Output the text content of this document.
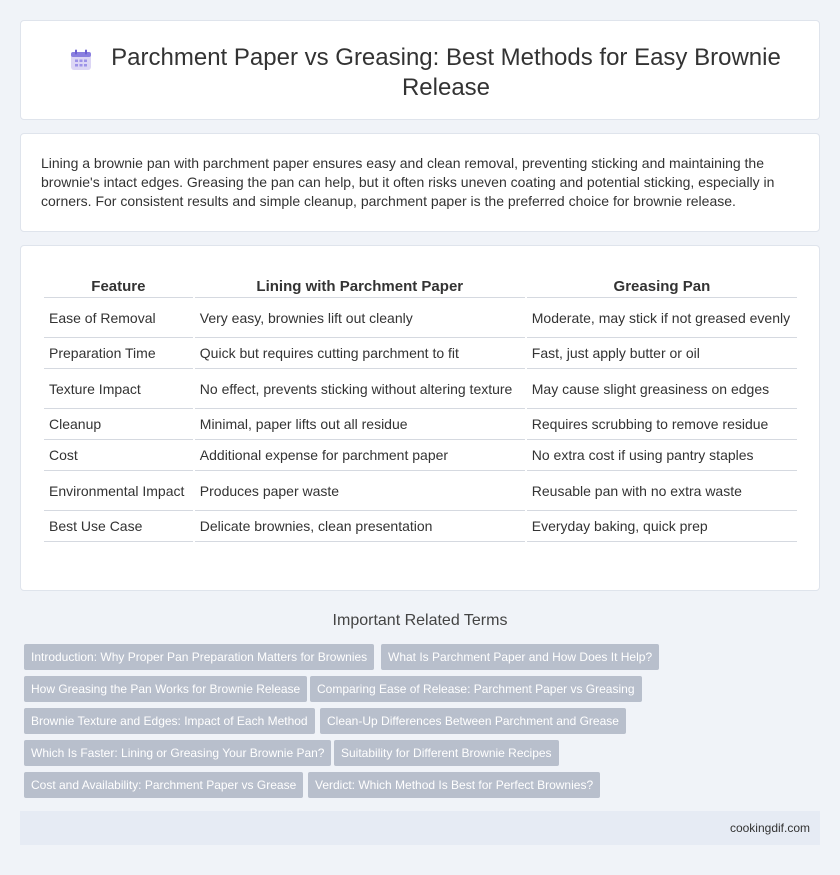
Parchment Paper vs Greasing: Best Methods for Easy Brownie Release

Lining a brownie pan with parchment paper ensures easy and clean removal, preventing sticking and maintaining the brownie's intact edges. Greasing the pan can help, but it often risks uneven coating and potential sticking, especially in corners. For consistent results and simple cleanup, parchment paper is the preferred choice for brownie release.

Feature	Lining with Parchment Paper	Greasing Pan
Ease of Removal	Very easy, brownies lift out cleanly	Moderate, may stick if not greased evenly
Preparation Time	Quick but requires cutting parchment to fit	Fast, just apply butter or oil
Texture Impact	No effect, prevents sticking without altering texture	May cause slight greasiness on edges
Cleanup	Minimal, paper lifts out all residue	Requires scrubbing to remove residue
Cost	Additional expense for parchment paper	No extra cost if using pantry staples
Environmental Impact	Produces paper waste	Reusable pan with no extra waste
Best Use Case	Delicate brownies, clean presentation	Everyday baking, quick prep
Important Related Terms
Introduction: Why Proper Pan Preparation Matters for Brownies	What Is Parchment Paper and How Does It Help?
How Greasing the Pan Works for Brownie Release	Comparing Ease of Release: Parchment Paper vs Greasing
Brownie Texture and Edges: Impact of Each Method	Clean-Up Differences Between Parchment and Grease
Which Is Faster: Lining or Greasing Your Brownie Pan?	Suitability for Different Brownie Recipes
Cost and Availability: Parchment Paper vs Grease	Verdict: Which Method Is Best for Perfect Brownies?
cookingdif.com
